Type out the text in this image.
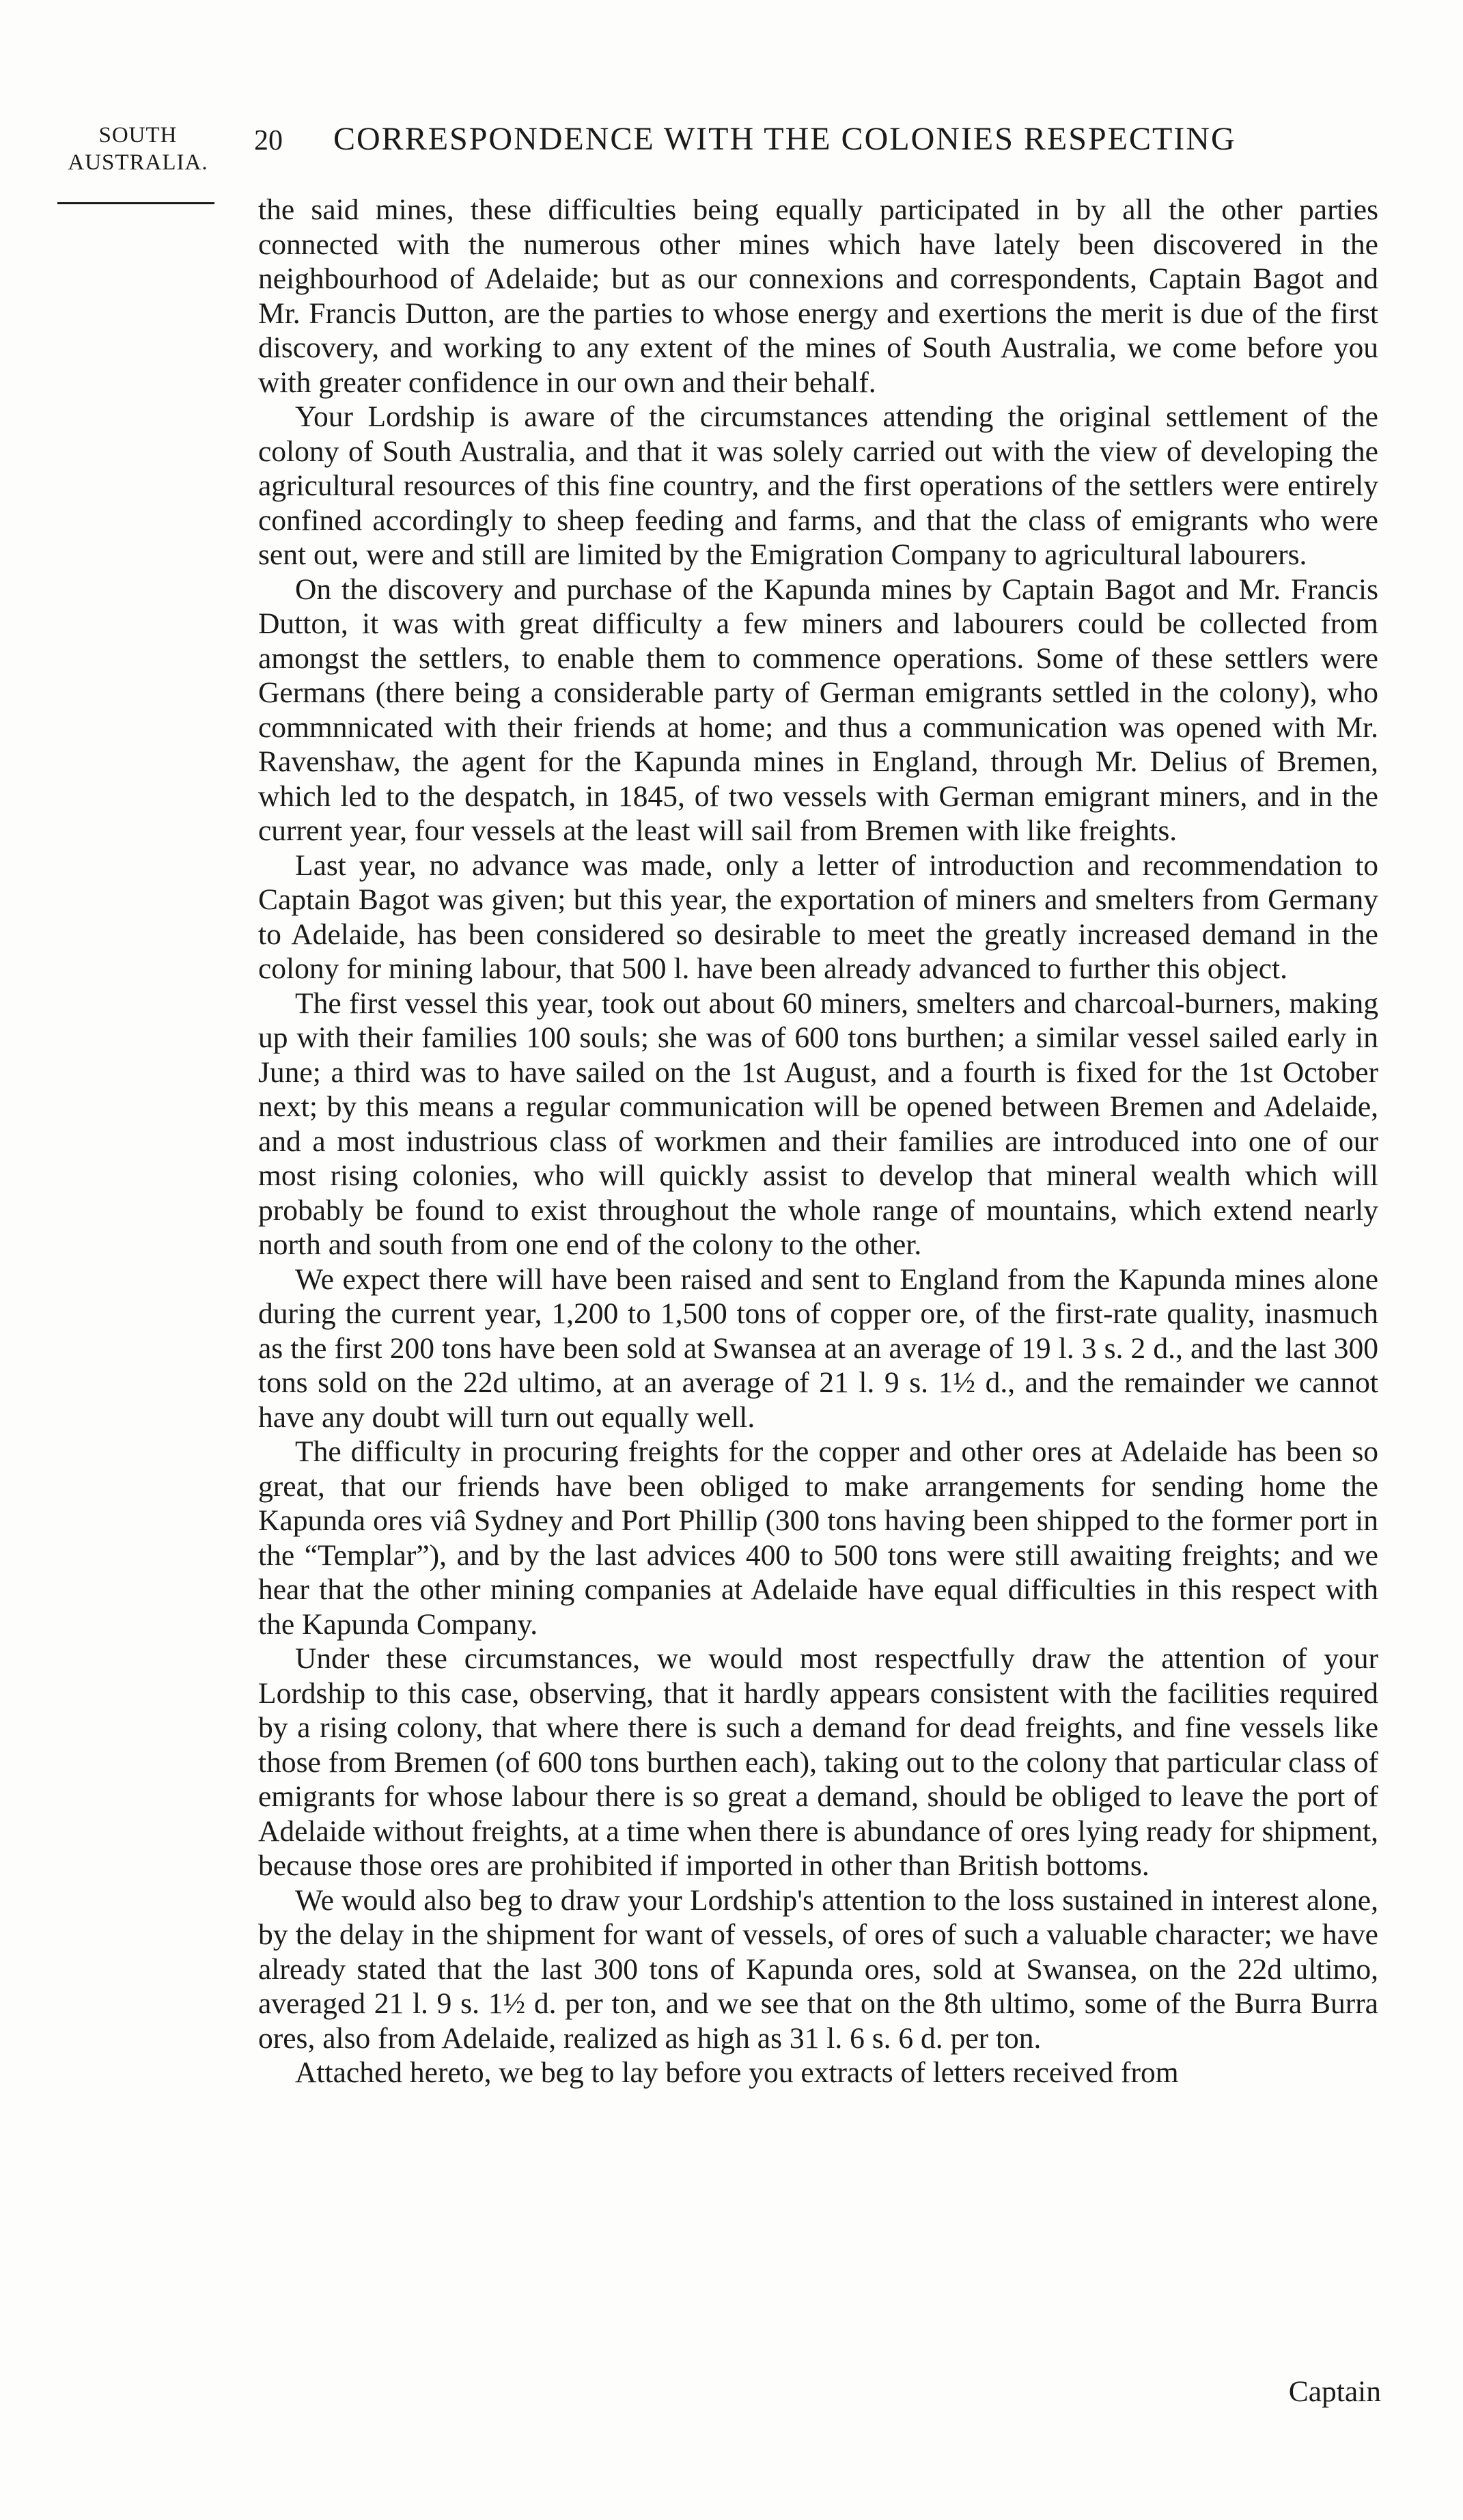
SOUTH
AUSTRALIA.
20 CORRESPONDENCE WITH THE COLONIES RESPECTING

the said mines, these difficulties being equally participated in by all the other parties connected with the numerous other mines which have lately been discovered in the neighbourhood of Adelaide; but as our connexions and correspondents, Captain Bagot and Mr. Francis Dutton, are the parties to whose energy and exertions the merit is due of the first discovery, and working to any extent of the mines of South Australia, we come before you with greater confidence in our own and their behalf.

Your Lordship is aware of the circumstances attending the original settlement of the colony of South Australia, and that it was solely carried out with the view of developing the agricultural resources of this fine country, and the first operations of the settlers were entirely confined accordingly to sheep feeding and farms, and that the class of emigrants who were sent out, were and still are limited by the Emigration Company to agricultural labourers.

On the discovery and purchase of the Kapunda mines by Captain Bagot and Mr. Francis Dutton, it was with great difficulty a few miners and labourers could be collected from amongst the settlers, to enable them to commence operations. Some of these settlers were Germans (there being a considerable party of German emigrants settled in the colony), who commnnicated with their friends at home; and thus a communication was opened with Mr. Ravenshaw, the agent for the Kapunda mines in England, through Mr. Delius of Bremen, which led to the despatch, in 1845, of two vessels with German emigrant miners, and in the current year, four vessels at the least will sail from Bremen with like freights.

Last year, no advance was made, only a letter of introduction and recommendation to Captain Bagot was given; but this year, the exportation of miners and smelters from Germany to Adelaide, has been considered so desirable to meet the greatly increased demand in the colony for mining labour, that 500 l. have been already advanced to further this object.

The first vessel this year, took out about 60 miners, smelters and charcoal-burners, making up with their families 100 souls; she was of 600 tons burthen; a similar vessel sailed early in June; a third was to have sailed on the 1st August, and a fourth is fixed for the 1st October next; by this means a regular communication will be opened between Bremen and Adelaide, and a most industrious class of workmen and their families are introduced into one of our most rising colonies, who will quickly assist to develop that mineral wealth which will probably be found to exist throughout the whole range of mountains, which extend nearly north and south from one end of the colony to the other.

We expect there will have been raised and sent to England from the Kapunda mines alone during the current year, 1,200 to 1,500 tons of copper ore, of the first-rate quality, inasmuch as the first 200 tons have been sold at Swansea at an average of 19 l. 3 s. 2 d., and the last 300 tons sold on the 22d ultimo, at an average of 21 l. 9 s. 1½ d., and the remainder we cannot have any doubt will turn out equally well.

The difficulty in procuring freights for the copper and other ores at Adelaide has been so great, that our friends have been obliged to make arrangements for sending home the Kapunda ores viâ Sydney and Port Phillip (300 tons having been shipped to the former port in the “Templar”), and by the last advices 400 to 500 tons were still awaiting freights; and we hear that the other mining companies at Adelaide have equal difficulties in this respect with the Kapunda Company.

Under these circumstances, we would most respectfully draw the attention of your Lordship to this case, observing, that it hardly appears consistent with the facilities required by a rising colony, that where there is such a demand for dead freights, and fine vessels like those from Bremen (of 600 tons burthen each), taking out to the colony that particular class of emigrants for whose labour there is so great a demand, should be obliged to leave the port of Adelaide without freights, at a time when there is abundance of ores lying ready for shipment, because those ores are prohibited if imported in other than British bottoms.

We would also beg to draw your Lordship's attention to the loss sustained in interest alone, by the delay in the shipment for want of vessels, of ores of such a valuable character; we have already stated that the last 300 tons of Kapunda ores, sold at Swansea, on the 22d ultimo, averaged 21 l. 9 s. 1½ d. per ton, and we see that on the 8th ultimo, some of the Burra Burra ores, also from Adelaide, realized as high as 31 l. 6 s. 6 d. per ton.

Attached hereto, we beg to lay before you extracts of letters received from

Captain
